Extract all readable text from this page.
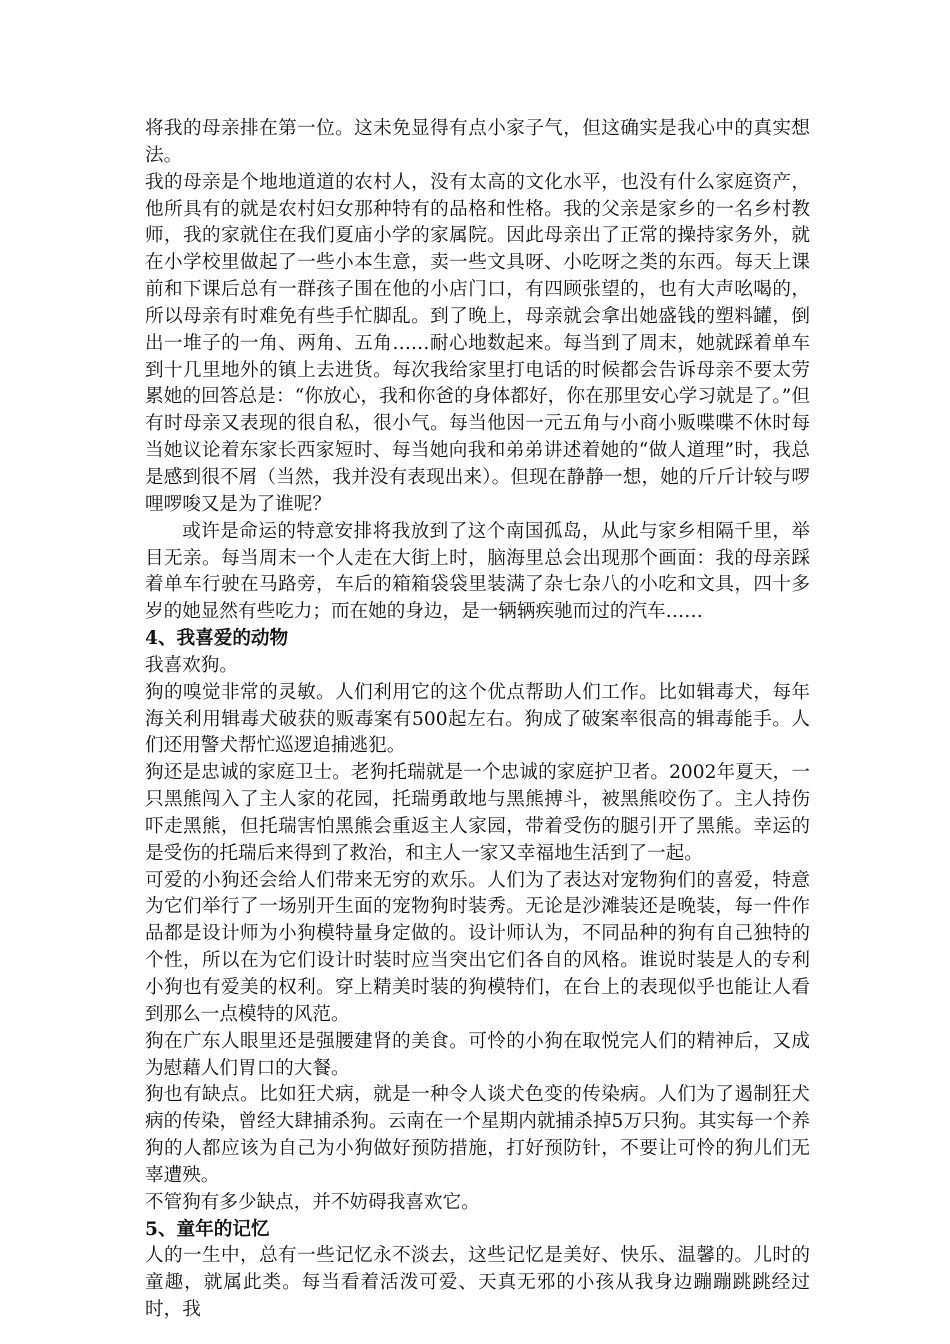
将我的母亲排在第一位。这未免显得有点小家子气，但这确实是我心中的真实想法。

我的母亲是个地地道道的农村人，没有太高的文化水平，也没有什么家庭资产，他所具有的就是农村妇女那种特有的品格和性格。我的父亲是家乡的一名乡村教师，我的家就住在我们夏庙小学的家属院。因此母亲出了正常的操持家务外，就在小学校里做起了一些小本生意，卖一些文具呀、小吃呀之类的东西。每天上课前和下课后总有一群孩子围在他的小店门口，有四顾张望的，也有大声吆喝的，所以母亲有时难免有些手忙脚乱。到了晚上，母亲就会拿出她盛钱的塑料罐，倒出一堆子的一角、两角、五角……耐心地数起来。每当到了周末，她就踩着单车到十几里地外的镇上去进货。每次我给家里打电话的时候都会告诉母亲不要太劳累她的回答总是：“你放心，我和你爸的身体都好，你在那里安心学习就是了。”但有时母亲又表现的很自私，很小气。每当他因一元五角与小商小贩喋喋不休时每当她议论着东家长西家短时、每当她向我和弟弟讲述着她的“做人道理”时，我总是感到很不屑（当然，我并没有表现出来）。但现在静静一想，她的斤斤计较与啰哩啰唆又是为了谁呢？

或许是命运的特意安排将我放到了这个南国孤岛，从此与家乡相隔千里，举目无亲。每当周末一个人走在大街上时，脑海里总会出现那个画面：我的母亲踩着单车行驶在马路旁，车后的箱箱袋袋里装满了杂七杂八的小吃和文具，四十多岁的她显然有些吃力；而在她的身边，是一辆辆疾驰而过的汽车……

4、我喜爱的动物

我喜欢狗。

狗的嗅觉非常的灵敏。人们利用它的这个优点帮助人们工作。比如辑毒犬，每年海关利用辑毒犬破获的贩毒案有500起左右。狗成了破案率很高的辑毒能手。人们还用警犬帮忙巡逻追捕逃犯。

狗还是忠诚的家庭卫士。老狗托瑞就是一个忠诚的家庭护卫者。2002年夏天，一只黑熊闯入了主人家的花园，托瑞勇敢地与黑熊搏斗，被黑熊咬伤了。主人持伤吓走黑熊，但托瑞害怕黑熊会重返主人家园，带着受伤的腿引开了黑熊。幸运的是受伤的托瑞后来得到了救治，和主人一家又幸福地生活到了一起。

可爱的小狗还会给人们带来无穷的欢乐。人们为了表达对宠物狗们的喜爱，特意为它们举行了一场别开生面的宠物狗时装秀。无论是沙滩装还是晚装，每一件作品都是设计师为小狗模特量身定做的。设计师认为，不同品种的狗有自己独特的个性，所以在为它们设计时装时应当突出它们各自的风格。谁说时装是人的专利小狗也有爱美的权利。穿上精美时装的狗模特们，在台上的表现似乎也能让人看到那么一点模特的风范。

狗在广东人眼里还是强腰建肾的美食。可怜的小狗在取悦完人们的精神后，又成为慰藉人们胃口的大餐。

狗也有缺点。比如狂犬病，就是一种令人谈犬色变的传染病。人们为了遏制狂犬病的传染，曾经大肆捕杀狗。云南在一个星期内就捕杀掉5万只狗。其实每一个养狗的人都应该为自己为小狗做好预防措施，打好预防针，不要让可怜的狗儿们无辜遭殃。

不管狗有多少缺点，并不妨碍我喜欢它。

5、童年的记忆

人的一生中，总有一些记忆永不淡去，这些记忆是美好、快乐、温馨的。儿时的童趣，就属此类。每当看着活泼可爱、天真无邪的小孩从我身边蹦蹦跳跳经过时，我
